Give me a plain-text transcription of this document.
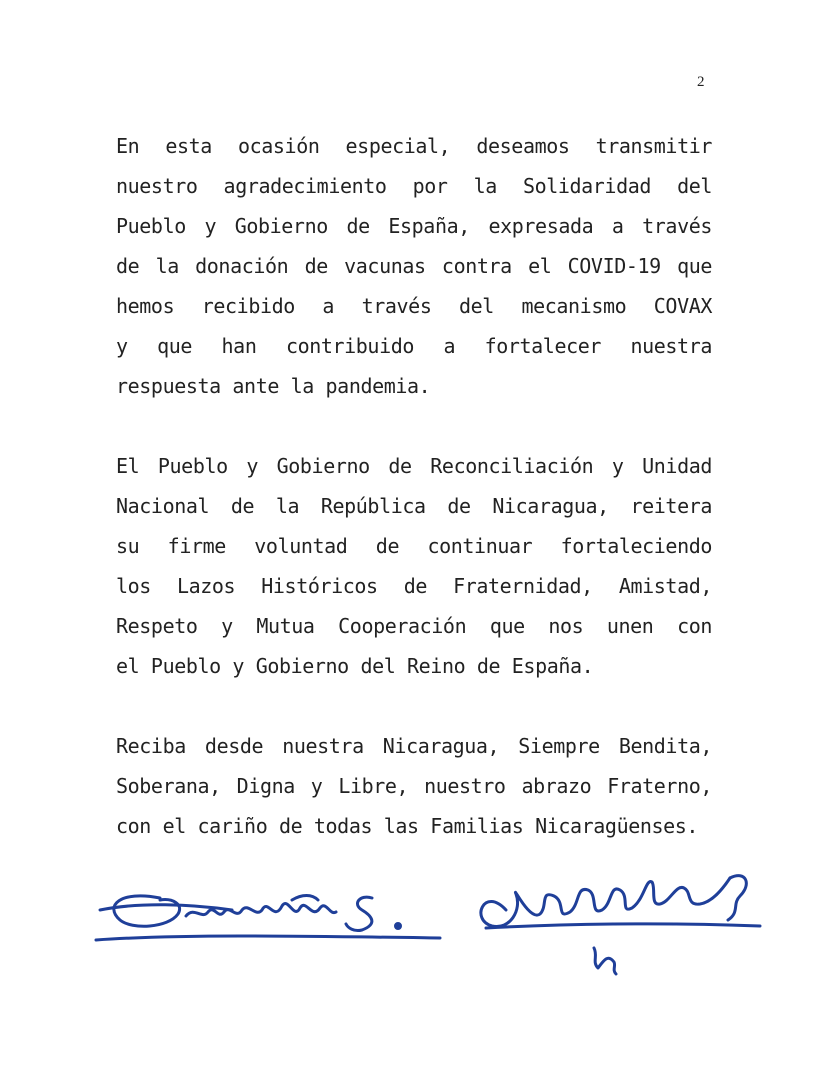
2
En esta ocasión especial, deseamos transmitir
nuestro agradecimiento por la Solidaridad del
Pueblo y Gobierno de España, expresada a través
de la donación de vacunas contra el COVID-19 que
hemos recibido a través del mecanismo COVAX
y que han contribuido a fortalecer nuestra
respuesta ante la pandemia.
El Pueblo y Gobierno de Reconciliación y Unidad
Nacional de la República de Nicaragua, reitera
su firme voluntad de continuar fortaleciendo
los Lazos Históricos de Fraternidad, Amistad,
Respeto y Mutua Cooperación que nos unen con
el Pueblo y Gobierno del Reino de España.
Reciba desde nuestra Nicaragua, Siempre Bendita,
Soberana, Digna y Libre, nuestro abrazo Fraterno,
con el cariño de todas las Familias Nicaragüenses.
